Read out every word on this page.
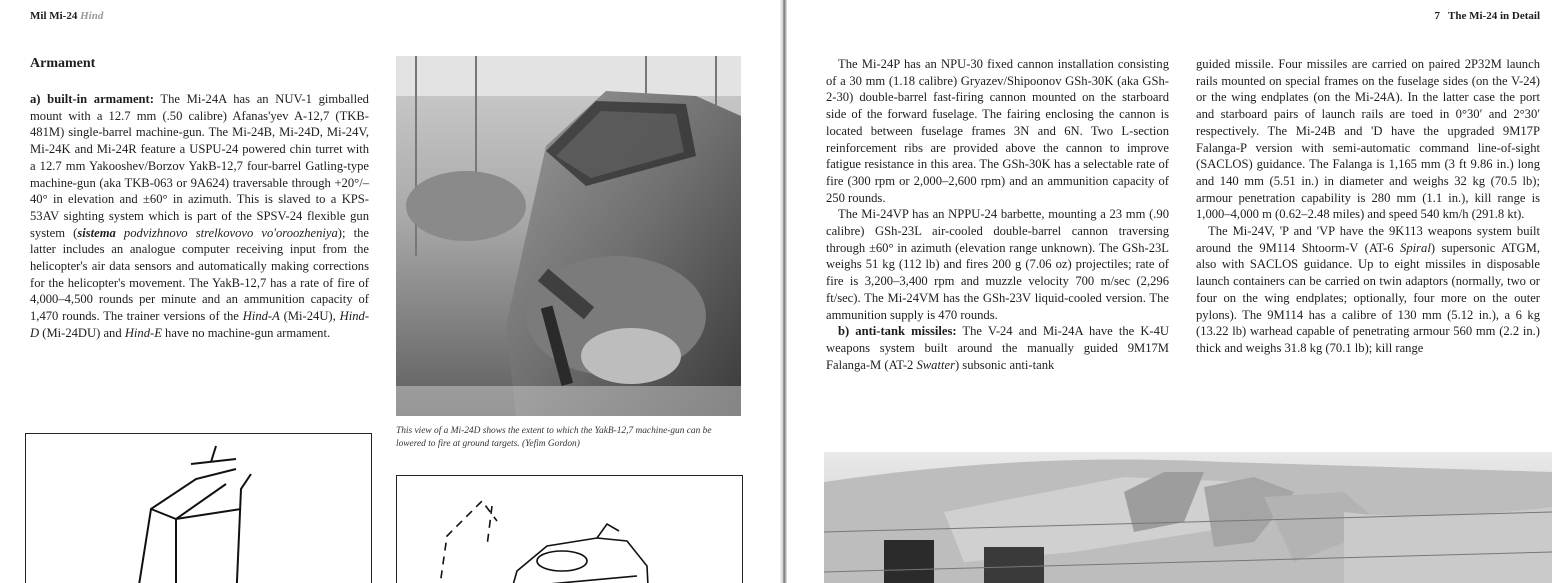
Mil Mi-24 Hind
Armament

a) built-in armament: The Mi-24A has an NUV-1 gimballed mount with a 12.7 mm (.50 calibre) Afanas'yev A-12,7 (TKB-481M) single-barrel machine-gun. The Mi-24B, Mi-24D, Mi-24V, Mi-24K and Mi-24R feature a USPU-24 powered chin turret with a 12.7 mm Yakooshev/Borzov YakB-12,7 four-barrel Gatling-type machine-gun (aka TKB-063 or 9A624) traversable through +20°/–40° in elevation and ±60° in azimuth. This is slaved to a KPS-53AV sighting system which is part of the SPSV-24 flexible gun system (sistema podvizhnovo strelkovovo vo'oroozheniya); the latter includes an analogue computer receiving input from the helicopter's air data sensors and automatically making corrections for the helicopter's movement. The YakB-12,7 has a rate of fire of 4,000–4,500 rounds per minute and an ammunition capacity of 1,470 rounds. The trainer versions of the Hind-A (Mi-24U), Hind-D (Mi-24DU) and Hind-E have no machine-gun armament.

This view of a Mi-24D shows the extent to which the YakB-12,7 machine-gun can be lowered to fire at ground targets. (Yefim Gordon)
7 The Mi-24 in Detail

The Mi-24P has an NPU-30 fixed cannon installation consisting of a 30 mm (1.18 calibre) Gryazev/Shipoonov GSh-30K (aka GSh-2-30) double-barrel fast-firing cannon mounted on the starboard side of the forward fuselage. The fairing enclosing the cannon is located between fuselage frames 3N and 6N. Two L-section reinforcement ribs are provided above the cannon to improve fatigue resistance in this area. The GSh-30K has a selectable rate of fire (300 rpm or 2,000–2,600 rpm) and an ammunition capacity of 250 rounds.

The Mi-24VP has an NPPU-24 barbette, mounting a 23 mm (.90 calibre) GSh-23L air-cooled double-barrel cannon traversing through ±60° in azimuth (elevation range unknown). The GSh-23L weighs 51 kg (112 lb) and fires 200 g (7.06 oz) projectiles; rate of fire is 3,200–3,400 rpm and muzzle velocity 700 m/sec (2,296 ft/sec). The Mi-24VM has the GSh-23V liquid-cooled version. The ammunition supply is 470 rounds.

b) anti-tank missiles: The V-24 and Mi-24A have the K-4U weapons system built around the manually guided 9M17M Falanga-M (AT-2 Swatter) subsonic anti-tank

guided missile. Four missiles are carried on paired 2P32M launch rails mounted on special frames on the fuselage sides (on the V-24) or the wing endplates (on the Mi-24A). In the latter case the port and starboard pairs of launch rails are toed in 0°30′ and 2°30′ respectively. The Mi-24B and 'D have the upgraded 9M17P Falanga-P version with semi-automatic command line-of-sight (SACLOS) guidance. The Falanga is 1,165 mm (3 ft 9.86 in.) long and 140 mm (5.51 in.) in diameter and weighs 32 kg (70.5 lb); armour penetration capability is 280 mm (1.1 in.), kill range is 1,000–4,000 m (0.62–2.48 miles) and speed 540 km/h (291.8 kt).

The Mi-24V, 'P and 'VP have the 9K113 weapons system built around the 9M114 Shtoorm-V (AT-6 Spiral) supersonic ATGM, also with SACLOS guidance. Up to eight missiles in disposable launch containers can be carried on twin adaptors (normally, two or four on the wing endplates; optionally, four more on the outer pylons). The 9M114 has a calibre of 130 mm (5.12 in.), a 6 kg (13.22 lb) warhead capable of penetrating armour 560 mm (2.2 in.) thick and weighs 31.8 kg (70.1 lb); kill range
